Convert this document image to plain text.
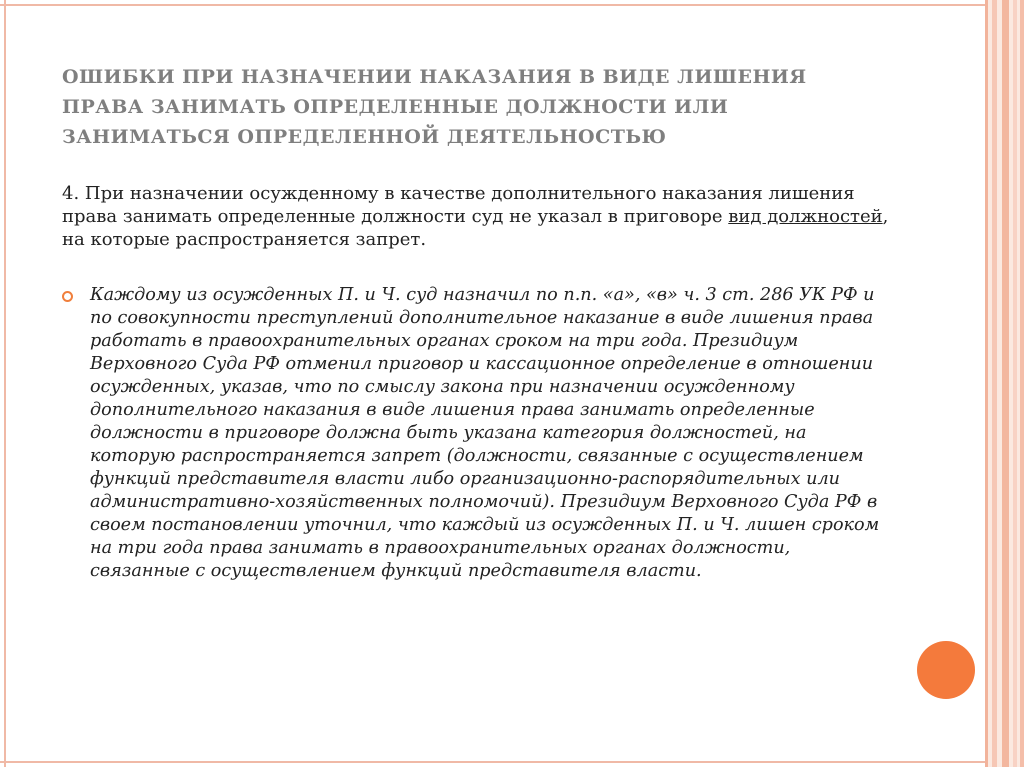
ОШИБКИ ПРИ НАЗНАЧЕНИИ НАКАЗАНИЯ В ВИДЕ ЛИШЕНИЯ ПРАВА ЗАНИМАТЬ ОПРЕДЕЛЕННЫЕ ДОЛЖНОСТИ ИЛИ ЗАНИМАТЬСЯ ОПРЕДЕЛЕННОЙ ДЕЯТЕЛЬНОСТЬЮ

4. При назначении осужденному в качестве дополнительного наказания лишения права занимать определенные должности суд не указал в приговоре вид должностей, на которые распространяется запрет.

Каждому из осужденных П. и Ч. суд назначил по п.п. «а», «в» ч. 3 ст. 286 УК РФ и по совокупности преступлений дополнительное наказание в виде лишения права работать в правоохранительных органах сроком на три года. Президиум Верховного Суда РФ отменил приговор и кассационное определение в отношении осужденных, указав, что по смыслу закона при назначении осужденному дополнительного наказания в виде лишения права занимать определенные должности в приговоре должна быть указана категория должностей, на которую распространяется запрет (должности, связанные с осуществлением функций представителя власти либо организационно-распорядительных или административно-хозяйственных полномочий). Президиум Верховного Суда РФ в своем постановлении уточнил, что каждый из осужденных П. и Ч. лишен сроком на три года права занимать в правоохранительных органах должности, связанные с осуществлением функций представителя власти.
